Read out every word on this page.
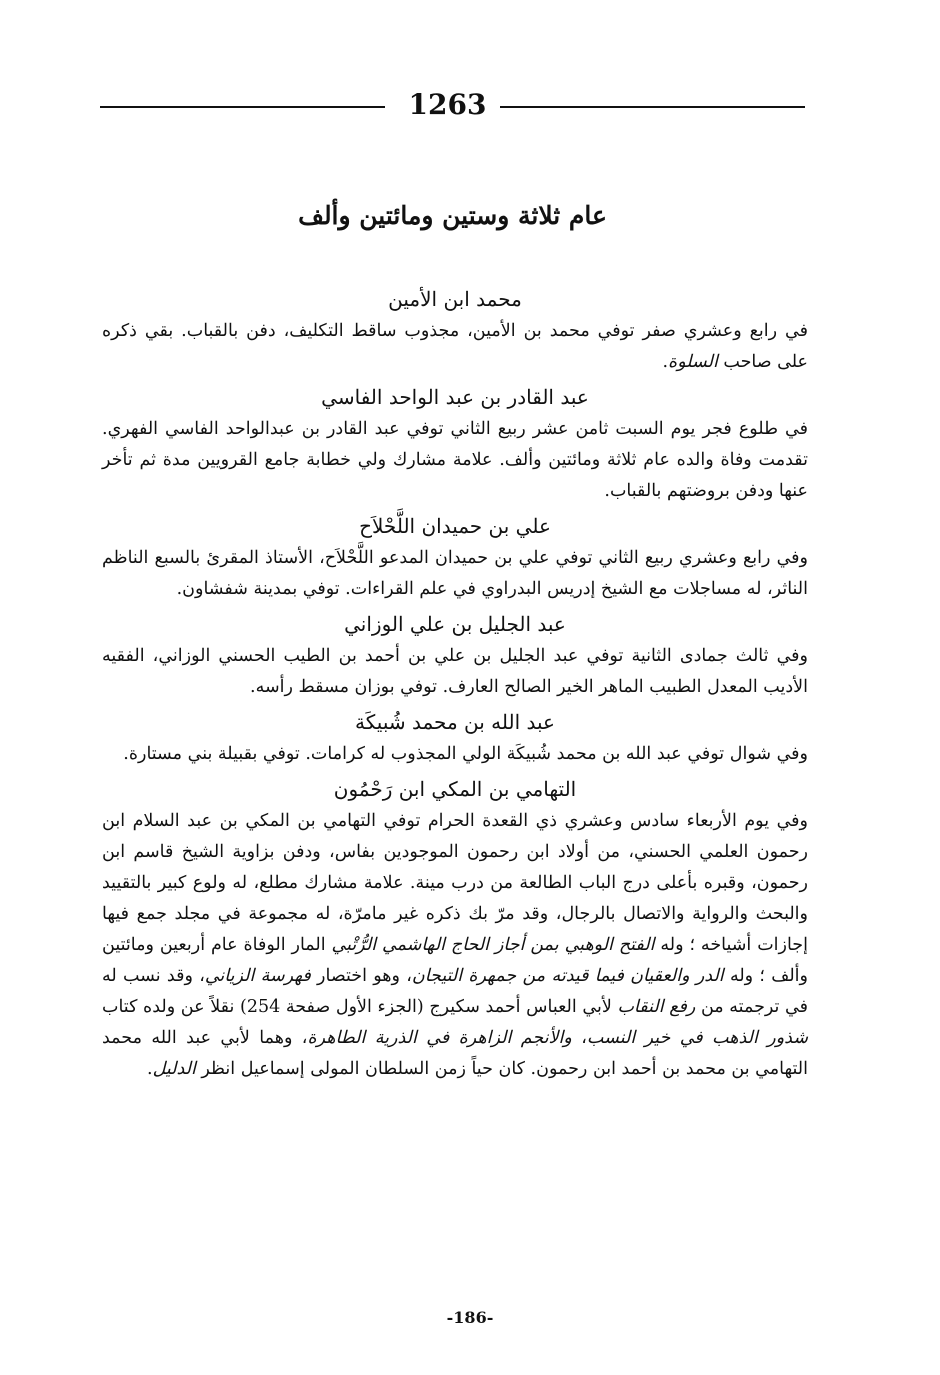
1263
عام ثلاثة وستين ومائتين وألف

محمد ابن الأمين

في رابع وعشري صفر توفي محمد بن الأمين، مجذوب ساقط التكليف، دفن بالقباب. بقي ذكره على صاحب السلوة.

عبد القادر بن عبد الواحد الفاسي

في طلوع فجر يوم السبت ثامن عشر ربيع الثاني توفي عبد القادر بن عبدالواحد الفاسي الفهري. تقدمت وفاة والده عام ثلاثة ومائتين وألف. علامة مشارك ولي خطابة جامع القرويين مدة ثم تأخر عنها ودفن بروضتهم بالقباب.

علي بن حميدان اللَّحْلاَح

وفي رابع وعشري ربيع الثاني توفي علي بن حميدان المدعو اللَّحْلاَح، الأستاذ المقرئ بالسبع الناظم الناثر، له مساجلات مع الشيخ إدريس البدراوي في علم القراءات. توفي بمدينة شفشاون.

عبد الجليل بن علي الوزاني

وفي ثالث جمادى الثانية توفي عبد الجليل بن علي بن أحمد بن الطيب الحسني الوزاني، الفقيه الأديب المعدل الطبيب الماهر الخير الصالح العارف. توفي بوزان مسقط رأسه.

عبد الله بن محمد شُبيكَة

وفي شوال توفي عبد الله بن محمد شُبيكَة الولي المجذوب له كرامات. توفي بقبيلة بني مستارة.

التهامي بن المكي ابن رَحْمُون

وفي يوم الأربعاء سادس وعشري ذي القعدة الحرام توفي التهامي بن المكي بن عبد السلام ابن رحمون العلمي الحسني، من أولاد ابن رحمون الموجودين بفاس، ودفن بزاوية الشيخ قاسم ابن رحمون، وقبره بأعلى درج الباب الطالعة من درب مينة. علامة مشارك مطلع، له ولوع كبير بالتقييد والبحث والرواية والاتصال بالرجال، وقد مرّ بك ذكره غير مامرّة، له مجموعة في مجلد جمع فيها إجازات أشياخه ؛ وله الفتح الوهبي بمن أجاز الحاج الهاشمي الرُّتْبي المار الوفاة عام أربعين ومائتين وألف ؛ وله الدر والعقيان فيما قيدته من جمهرة التيجان، وهو اختصار فهرسة الزياني، وقد نسب له في ترجمته من رفع النقاب لأبي العباس أحمد سكيرج (الجزء الأول صفحة 254) نقلاً عن ولده كتاب شذور الذهب في خير النسب، والأنجم الزاهرة في الذرية الطاهرة، وهما لأبي عبد الله محمد التهامي بن محمد بن أحمد ابن رحمون. كان حياً زمن السلطان المولى إسماعيل انظر الدليل.

-186-
